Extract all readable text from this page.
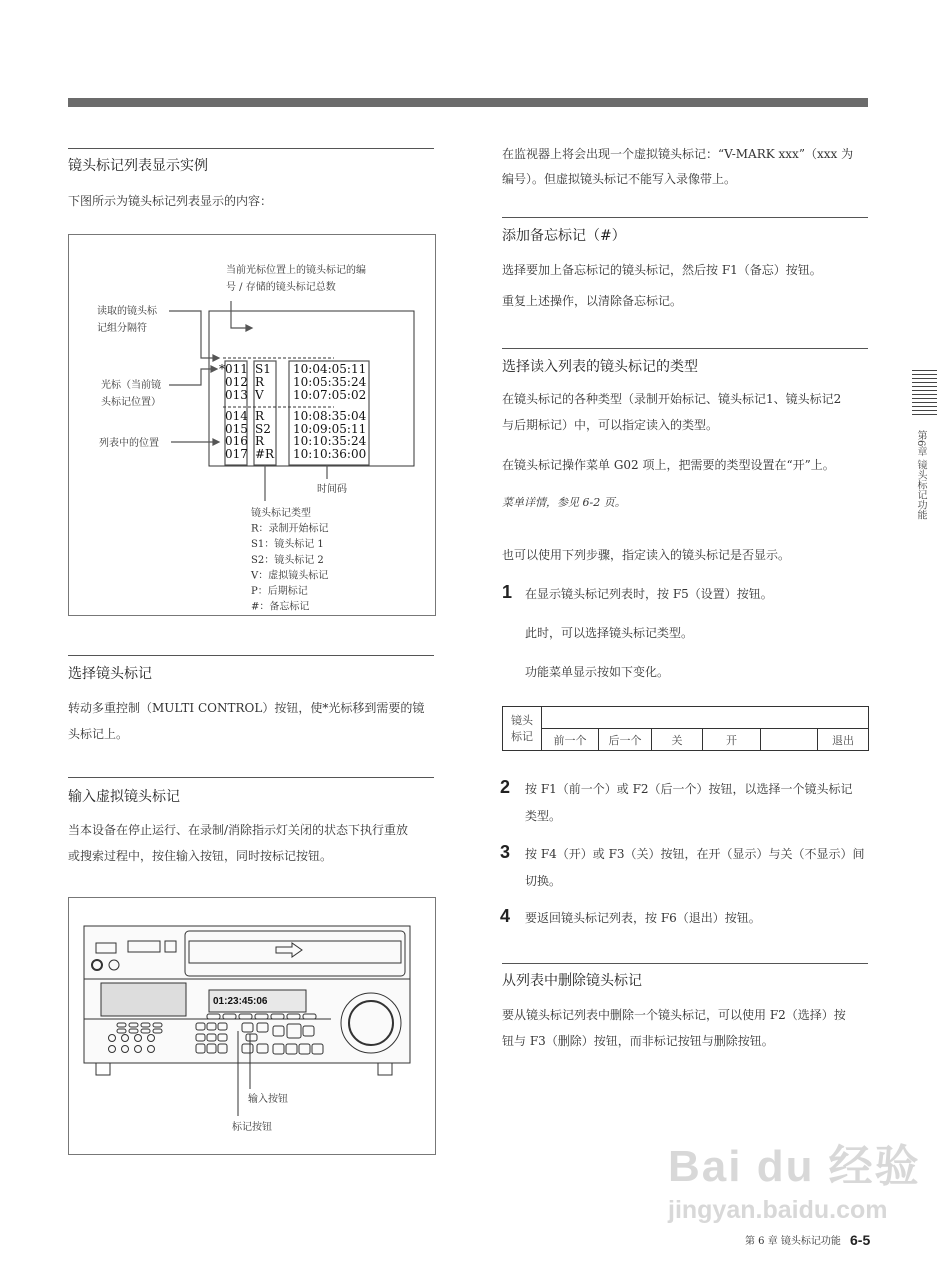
镜头标记列表显示实例
下图所示为镜头标记列表显示的内容：
当前光标位置上的镜头标记的编
号 / 存储的镜头标记总数
读取的镜头标
记组分隔符
光标（当前镜
头标记位置）
列表中的位置
时间码
*011 S1 10:04:05:11
012 R 10:05:35:24
013 V 10:07:05:02
014 R 10:08:35:04
015 S2 10:09:05:11
016 R 10:10:35:24
017 #R 10:10:36:00
镜头标记类型
R：录制开始标记
S1：镜头标记 1
S2：镜头标记 2
V：虚拟镜头标记
P：后期标记
#：备忘标记
选择镜头标记
转动多重控制（MULTI CONTROL）按钮，使*光标移到需要的镜
头标记上。
输入虚拟镜头标记
当本设备在停止运行、在录制/消除指示灯关闭的状态下执行重放
或搜索过程中，按住输入按钮，同时按标记按钮。
01:23:45:06
输入按钮
标记按钮
在监视器上将会出现一个虚拟镜头标记：“V-MARK xxx”（xxx 为
编号）。但虚拟镜头标记不能写入录像带上。
添加备忘标记（#）
选择要加上备忘标记的镜头标记，然后按 F1（备忘）按钮。
重复上述操作，以清除备忘标记。
选择读入列表的镜头标记的类型
在镜头标记的各种类型（录制开始标记、镜头标记1、镜头标记2
与后期标记）中，可以指定读入的类型。
在镜头标记操作菜单 G02 项上，把需要的类型设置在“开”上。
菜单详情，参见 6-2 页。
也可以使用下列步骤，指定读入的镜头标记是否显示。
1 在显示镜头标记列表时，按 F5（设置）按钮。
此时，可以选择镜头标记类型。
功能菜单显示按如下变化。
镜头
标记						
	前一个	后一个	关	开		退出
2 按 F1（前一个）或 F2（后一个）按钮，以选择一个镜头标记
类型。
3 按 F4（开）或 F3（关）按钮，在开（显示）与关（不显示）间
切换。
4 要返回镜头标记列表，按 F6（退出）按钮。
从列表中删除镜头标记
要从镜头标记列表中删除一个镜头标记，可以使用 F2（选择）按
钮与 F3（删除）按钮，而非标记按钮与删除按钮。
第6章 镜头标记功能
Bai du 经验
jingyan.baidu.com
第 6 章 镜头标记功能 6-5
